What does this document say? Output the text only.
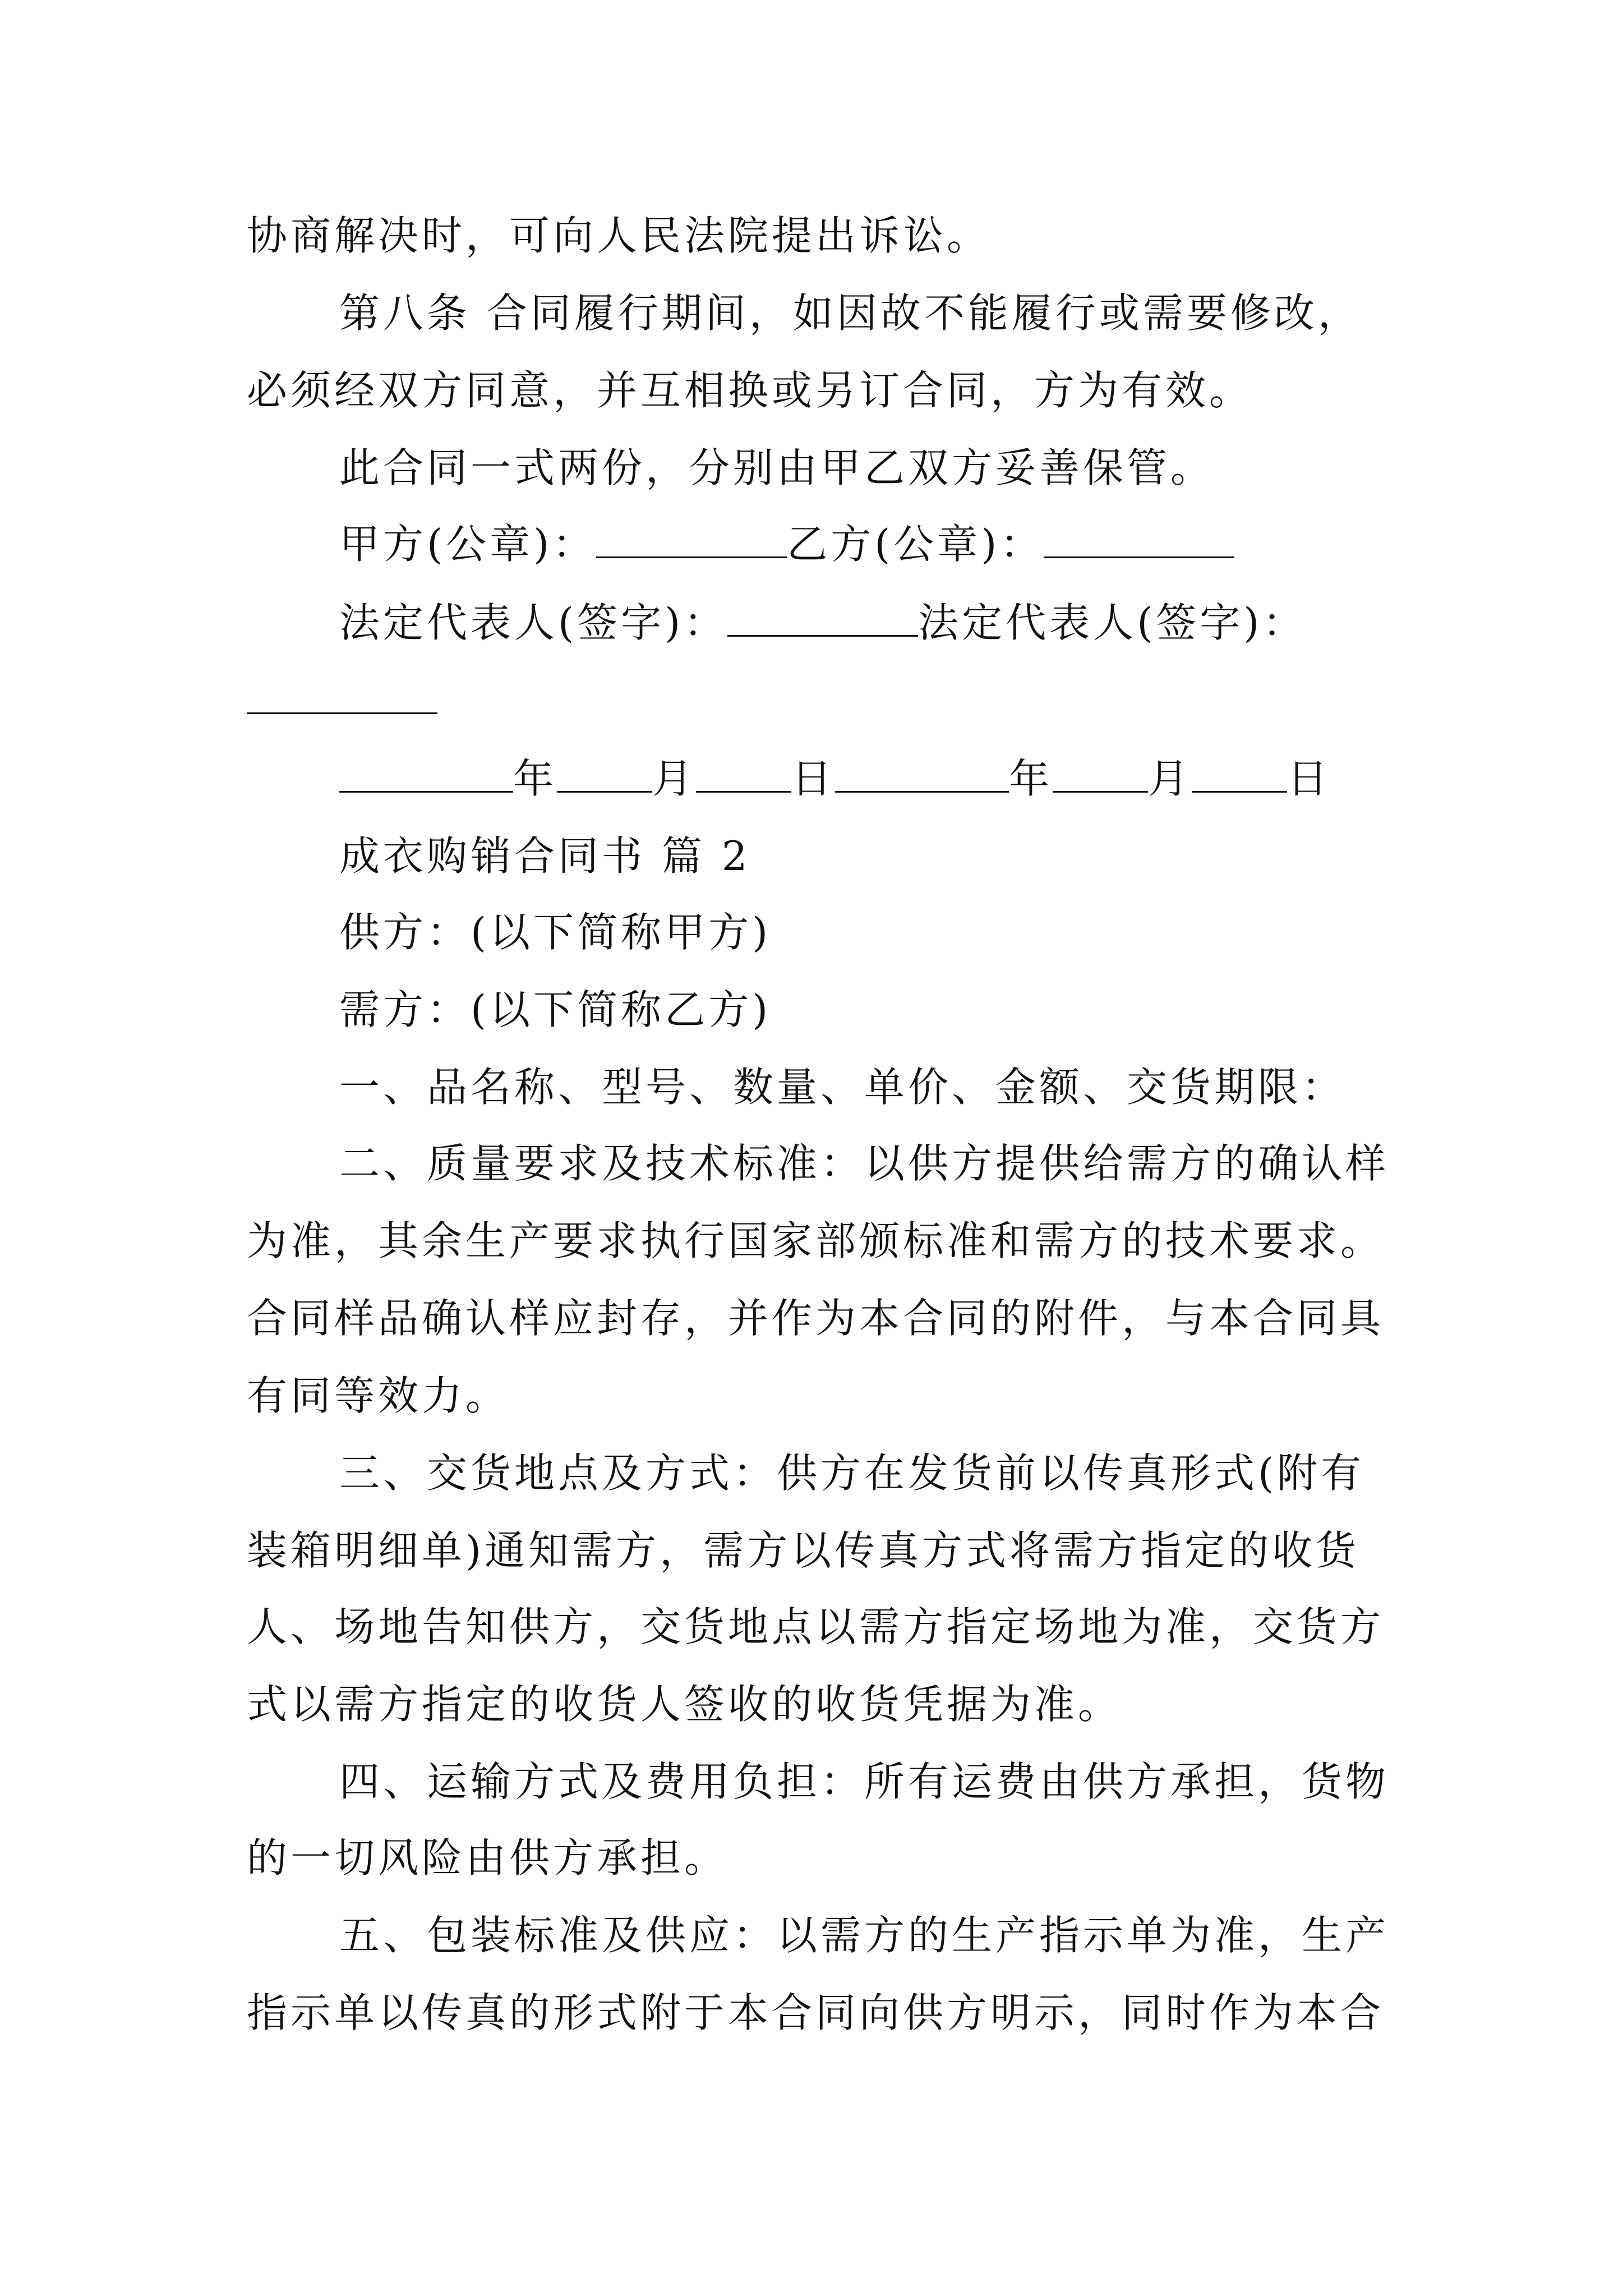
协商解决时，可向人民法院提出诉讼。
第八条 合同履行期间，如因故不能履行或需要修改，
必须经双方同意，并互相换或另订合同，方为有效。
此合同一式两份，分别由甲乙双方妥善保管。
甲方(公章)：	乙方(公章)：
法定代表人(签字)：	法定代表人(签字)：
年 月 日	年 月 日
成衣购销合同书 篇 2
供方：(以下简称甲方)
需方：(以下简称乙方)
一、品名称、型号、数量、单价、金额、交货期限：
二、质量要求及技术标准：以供方提供给需方的确认样
为准，其余生产要求执行国家部颁标准和需方的技术要求。
合同样品确认样应封存，并作为本合同的附件，与本合同具
有同等效力。
三、交货地点及方式：供方在发货前以传真形式(附有
装箱明细单)通知需方，需方以传真方式将需方指定的收货
人、场地告知供方，交货地点以需方指定场地为准，交货方
式以需方指定的收货人签收的收货凭据为准。
四、运输方式及费用负担：所有运费由供方承担，货物
的一切风险由供方承担。
五、包装标准及供应：以需方的生产指示单为准，生产
指示单以传真的形式附于本合同向供方明示，同时作为本合
